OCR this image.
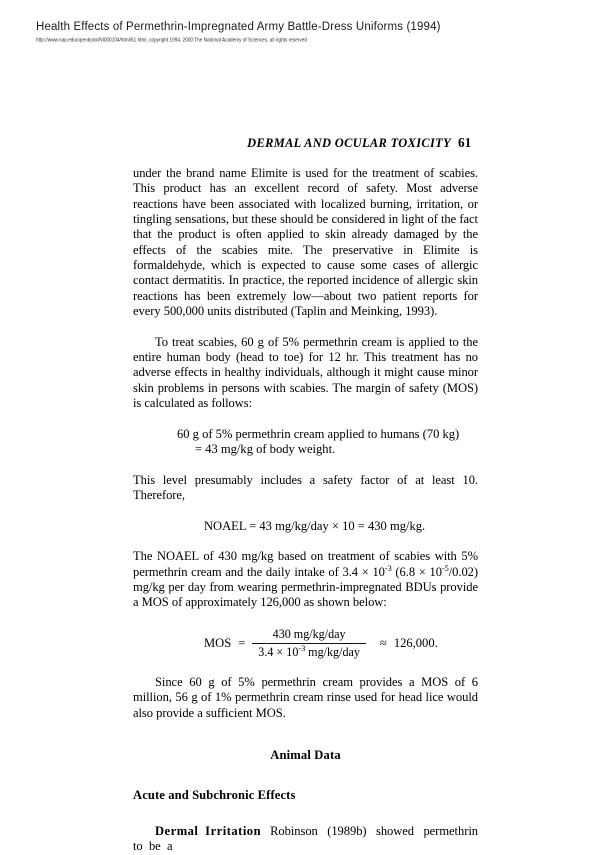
Health Effects of Permethrin-Impregnated Army Battle-Dress Uniforms (1994)
http://www.nap.edu/openbook/NI000104/html/61.html, copyright 1994, 2000 The National Academy of Sciences, all rights reserved
DERMAL AND OCULAR TOXICITY 61

under the brand name Elimite is used for the treatment of scabies. This product has an excellent record of safety. Most adverse reactions have been associated with localized burning, irritation, or tingling sensations, but these should be considered in light of the fact that the product is often applied to skin already damaged by the effects of the scabies mite. The preservative in Elimite is formaldehyde, which is expected to cause some cases of allergic contact dermatitis. In practice, the reported incidence of allergic skin reactions has been extremely low—about two patient reports for every 500,000 units distributed (Taplin and Meinking, 1993).

To treat scabies, 60 g of 5% permethrin cream is applied to the entire human body (head to toe) for 12 hr. This treatment has no adverse effects in healthy individuals, although it might cause minor skin problems in persons with scabies. The margin of safety (MOS) is calculated as follows:

60 g of 5% permethrin cream applied to humans (70 kg)
= 43 mg/kg of body weight.

This level presumably includes a safety factor of at least 10. Therefore,

NOAEL = 43 mg/kg/day × 10 = 430 mg/kg.

The NOAEL of 430 mg/kg based on treatment of scabies with 5% permethrin cream and the daily intake of $3.4 \times 10^{-3}$ $(6.8 \times 10^{-5}/0.02)$ mg/kg per day from wearing permethrin-impregnated BDUs provide a MOS of approximately 126,000 as shown below:

MOS = $\frac{\text{430 mg/kg/day}}{3.4 \times 10^{-3} mg/kg/day}$	≈ 126,000.

Since 60 g of 5% permethrin cream provides a MOS of 6 million, 56 g of 1% permethrin cream rinse used for head lice would also provide a sufficient MOS.

Animal Data
Acute and Subchronic Effects

Dermal Irritation Robinson (1989b) showed permethrin to be a
